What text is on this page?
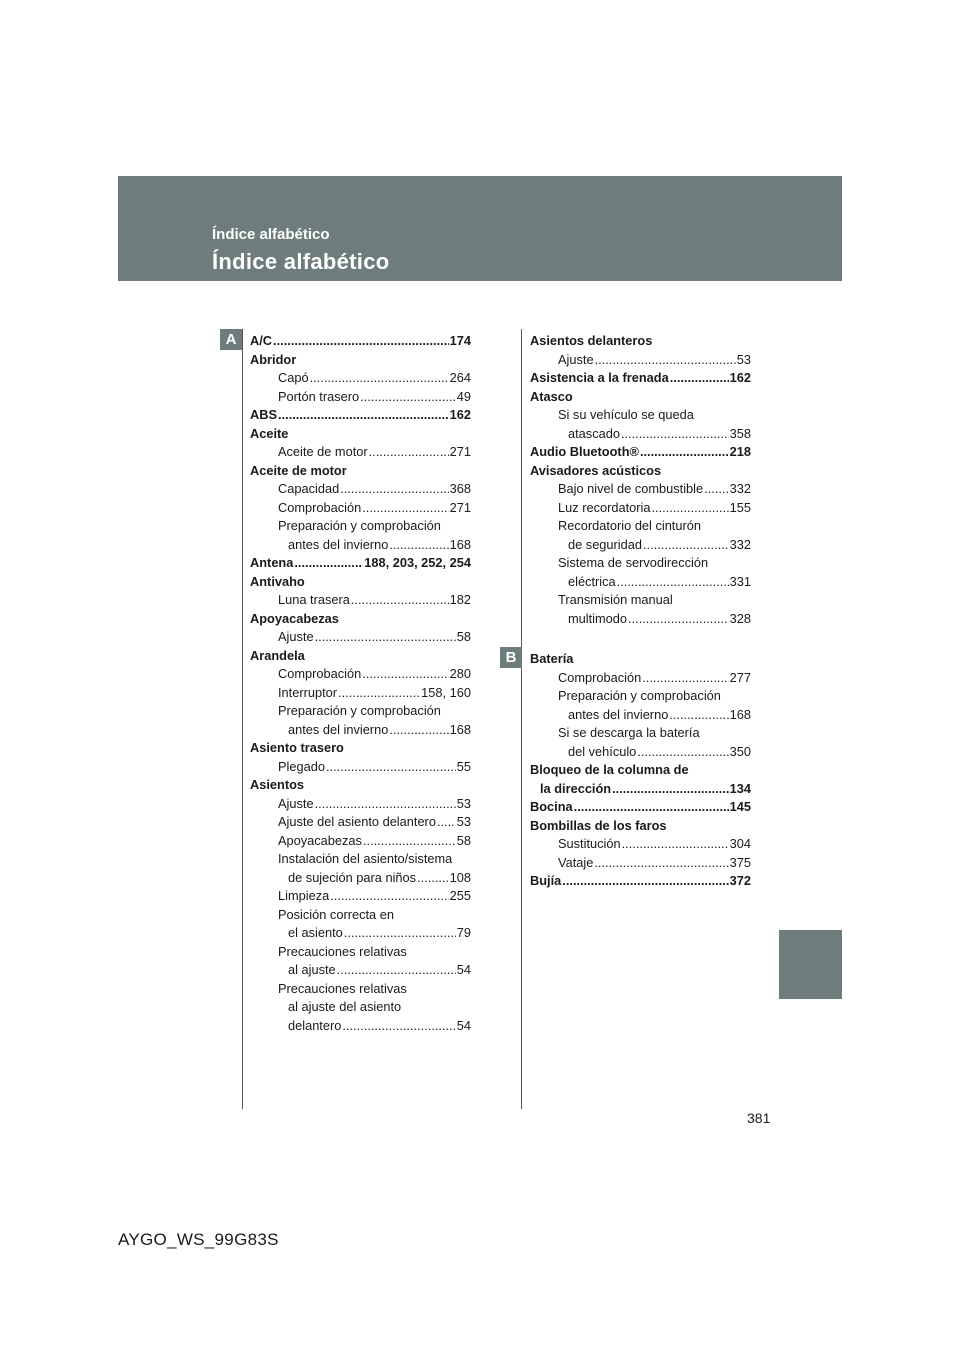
Índice alfabético
Índice alfabético
A
B
A/C .....	174
Abridor
Capó .....	264
Portón trasero .....	49
ABS .....	162
Aceite
Aceite de motor .....	271
Aceite de motor
Capacidad .....	368
Comprobación .....	271
Preparación y comprobación
antes del invierno .....	168
Antena .....	188, 203, 252, 254
Antivaho
Luna trasera .....	182
Apoyacabezas
Ajuste .....	58
Arandela
Comprobación .....	280
Interruptor .....	158, 160
Preparación y comprobación
antes del invierno .....	168
Asiento trasero
Plegado .....	55
Asientos
Ajuste .....	53
Ajuste del asiento delantero ..... 53
Apoyacabezas .....	58
Instalación del asiento/sistema
de sujeción para niños .....	108
Limpieza .....	255
Posición correcta en
el asiento .....	79
Precauciones relativas
al ajuste .....	54
Precauciones relativas
al ajuste del asiento
delantero .....	54
Asientos delanteros
Ajuste .....	53
Asistencia a la frenada .....	162
Atasco
Si su vehículo se queda
atascado .....	358
Audio Bluetooth® .....	218
Avisadores acústicos
Bajo nivel de combustible ..... 332
Luz recordatoria .....	155
Recordatorio del cinturón
de seguridad .....	332
Sistema de servodirección
eléctrica .....	331
Transmisión manual
multimodo .....	328
Batería
Comprobación .....	277
Preparación y comprobación
antes del invierno .....	168
Si se descarga la batería
del vehículo .....	350
Bloqueo de la columna de
la dirección .....	134
Bocina .....	145
Bombillas de los faros
Sustitución .....	304
Vataje .....	375
Bujía .....	372
381
AYGO_WS_99G83S
